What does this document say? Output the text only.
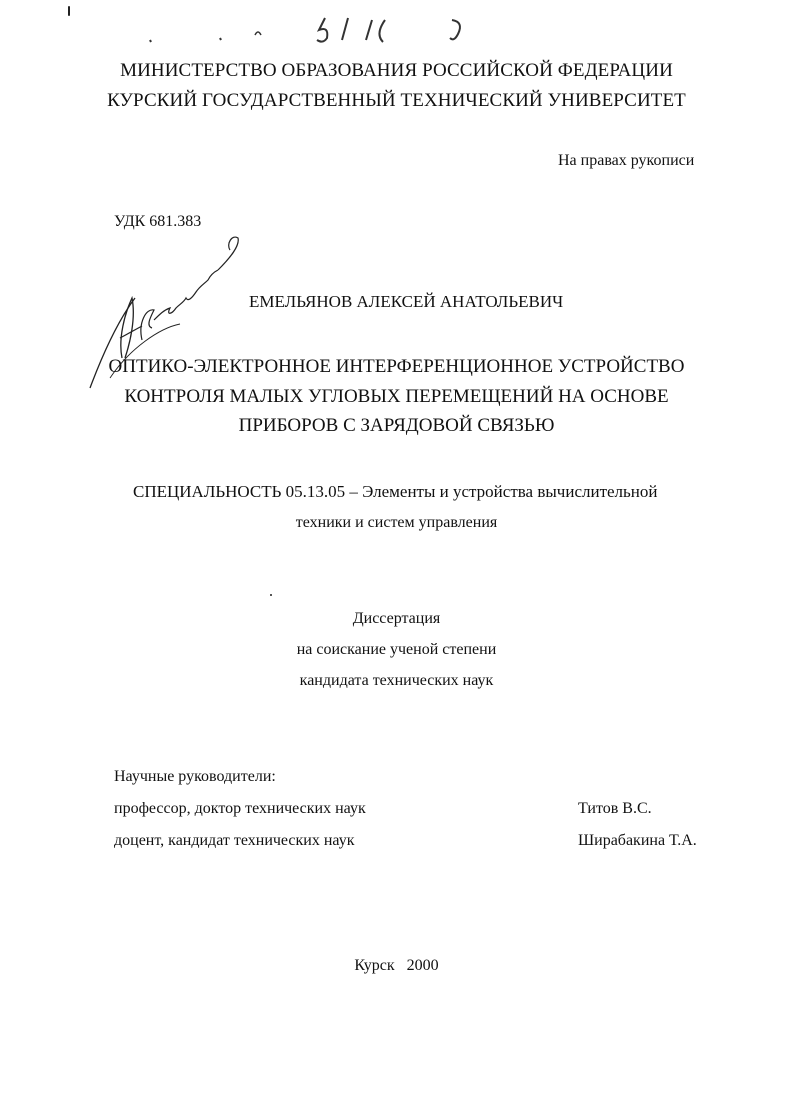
МИНИСТЕРСТВО ОБРАЗОВАНИЯ РОССИЙСКОЙ ФЕДЕРАЦИИ
КУРСКИЙ ГОСУДАРСТВЕННЫЙ ТЕХНИЧЕСКИЙ УНИВЕРСИТЕТ
На правах рукописи
УДК 681.383
ЕМЕЛЬЯНОВ АЛЕКСЕЙ АНАТОЛЬЕВИЧ
ОПТИКО-ЭЛЕКТРОННОЕ ИНТЕРФЕРЕНЦИОННОЕ УСТРОЙСТВО
КОНТРОЛЯ МАЛЫХ УГЛОВЫХ ПЕРЕМЕЩЕНИЙ НА ОСНОВЕ
ПРИБОРОВ С ЗАРЯДОВОЙ СВЯЗЬЮ
СПЕЦИАЛЬНОСТЬ 05.13.05 – Элементы и устройства вычислительной
техники и систем управления
Диссертация
на соискание ученой степени
кандидата технических наук
Научные руководители:
профессор, доктор технических наук	Титов В.С.
доцент, кандидат технических наук	Ширабакина Т.А.
Курск   2000
